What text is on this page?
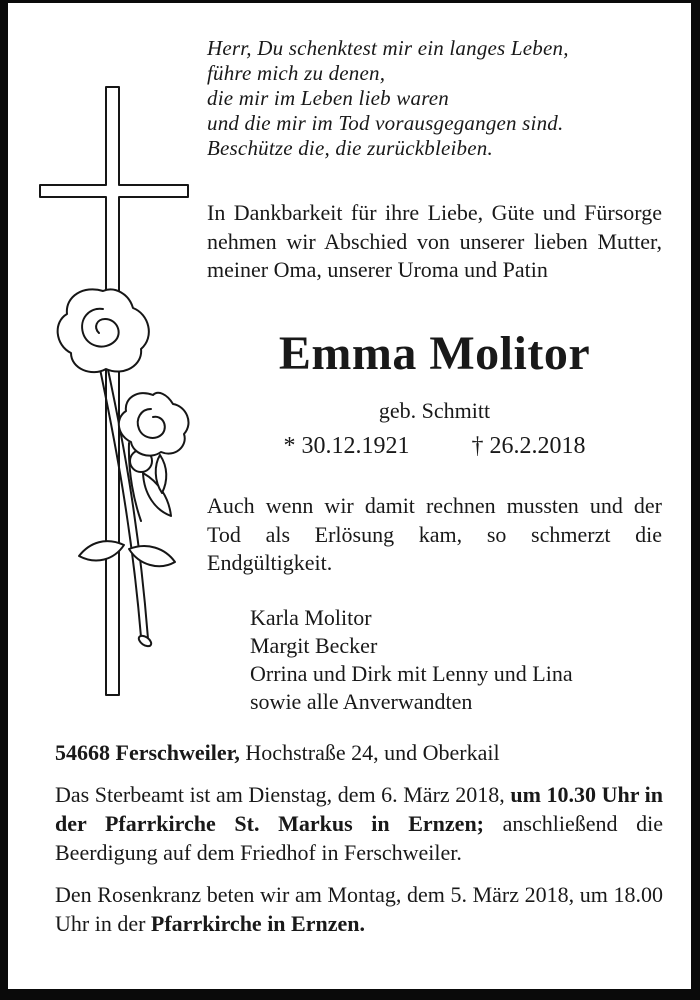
Herr, Du schenktest mir ein langes Leben,
führe mich zu denen,
die mir im Leben lieb waren
und die mir im Tod vorausgegangen sind.
Beschütze die, die zurückbleiben.
In Dankbarkeit für ihre Liebe, Güte und Fürsorge nehmen wir Abschied von unserer lieben Mutter, meiner Oma, unserer Uroma und Patin
Emma Molitor
geb. Schmitt
* 30.12.1921	† 26.2.2018
Auch wenn wir damit rechnen mussten und der Tod als Erlösung kam, so schmerzt die Endgültigkeit.
Karla Molitor
Margit Becker
Orrina und Dirk mit Lenny und Lina
sowie alle Anverwandten

54668 Ferschweiler, Hochstraße 24, und Oberkail

Das Sterbeamt ist am Dienstag, dem 6. März 2018, um 10.30 Uhr in der Pfarrkirche St. Markus in Ernzen; anschließend die Beerdigung auf dem Friedhof in Ferschweiler.

Den Rosenkranz beten wir am Montag, dem 5. März 2018, um 18.00 Uhr in der Pfarrkirche in Ernzen.
